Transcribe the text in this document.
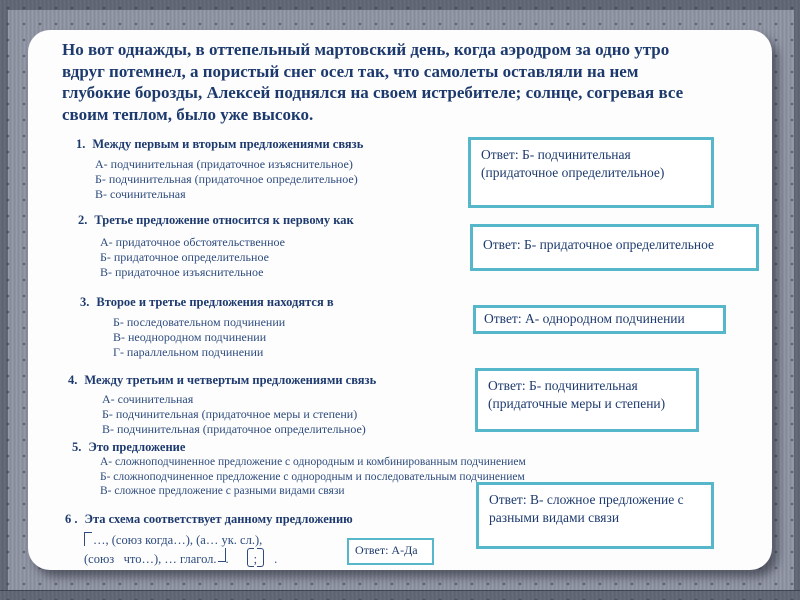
Но вот однажды, в оттепельный мартовский день, когда аэродром за одно утро вдруг потемнел, а пористый снег осел так, что самолеты оставляли на нем глубокие борозды, Алексей поднялся на своем истребителе; солнце, согревая все своим теплом, было уже высоко.

1. Между первым и вторым предложениями связь
А- подчинительная (придаточное изъяснительное)
Б- подчинительная (придаточное определительное)
В- сочинительная
2. Третье предложение относится к первому как
А- придаточное обстоятельственное
Б- придаточное определительное
В- придаточное изъяснительное
3. Второе и третье предложения находятся в
Б- последовательном подчинении
В- неоднородном подчинении
Г- параллельном подчинении
4. Между третьим и четвертым предложениями связь
А- сочинительная
Б- подчинительная (придаточное меры и степени)
В- подчинительная (придаточное определительное)
5. Это предложение
А- сложноподчиненное предложение с однородным и комбинированным подчинением
Б- сложноподчиненное предложение с однородным и последовательным подчинением
В- сложное предложение с разными видами связи
6 . Эта схема соответствует данному предложению
…, (союз когда…), (а… ук. сл.),
(союз   что…), … глагол. . ; .
Ответ: Б- подчинительная (придаточное определительное)
Ответ: Б- придаточное определительное
Ответ: А- однородном подчинении
Ответ: Б- подчинительная (придаточные меры и степени)
Ответ: В- сложное предложение с разными видами связи
Ответ: А-Да
